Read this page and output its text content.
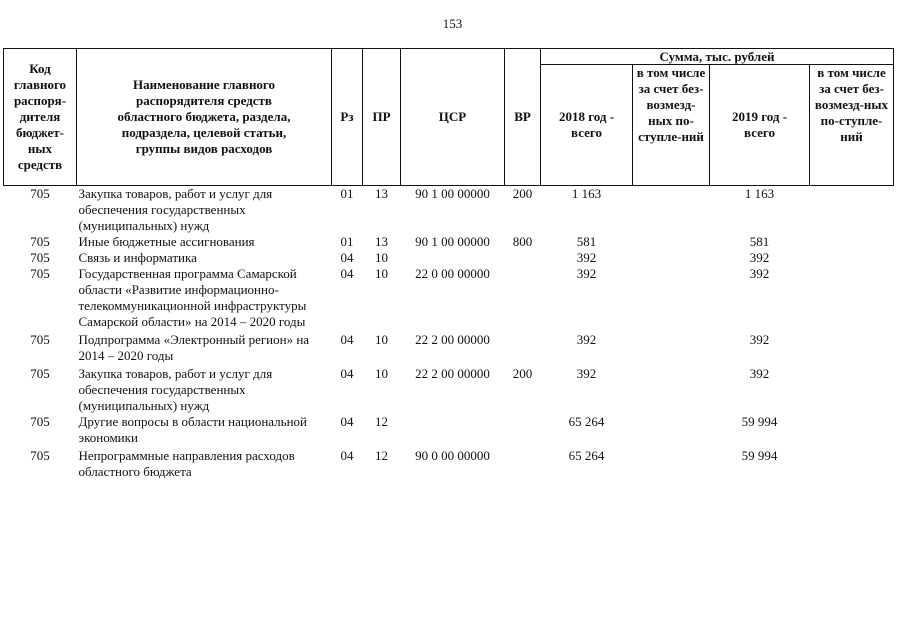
153
Код главного распоря-дителя бюджет-ных средств	Наименование главного распорядителя средств областного бюджета, раздела, подраздела, целевой статьи, группы видов расходов	Рз	ПР	ЦСР	ВР	Сумма, тыс. рублей			
						2018 год - всего	в том числе за счет без-возмезд-ных по-ступле-ний	2019 год - всего	в том числе за счет без-возмезд-ных по-ступле-ний
705	Закупка товаров, работ и услуг для обеспечения государственных (муниципальных) нужд	01	13	90 1 00 00000	200	1 163		1 163	
705	Иные бюджетные ассигнования	01	13	90 1 00 00000	800	581		581	
705	Связь и информатика	04	10			392		392	
705	Государственная программа Самарской области «Развитие информационно-телекоммуникационной инфраструктуры Самарской области» на 2014 – 2020 годы	04	10	22 0 00 00000		392		392	
705	Подпрограмма «Электронный регион» на 2014 – 2020 годы	04	10	22 2 00 00000		392		392	
705	Закупка товаров, работ и услуг для обеспечения государственных (муниципальных) нужд	04	10	22 2 00 00000	200	392		392	
705	Другие вопросы в области национальной экономики	04	12			65 264		59 994	
705	Непрограммные направления расходов областного бюджета	04	12	90 0 00 00000		65 264		59 994	
